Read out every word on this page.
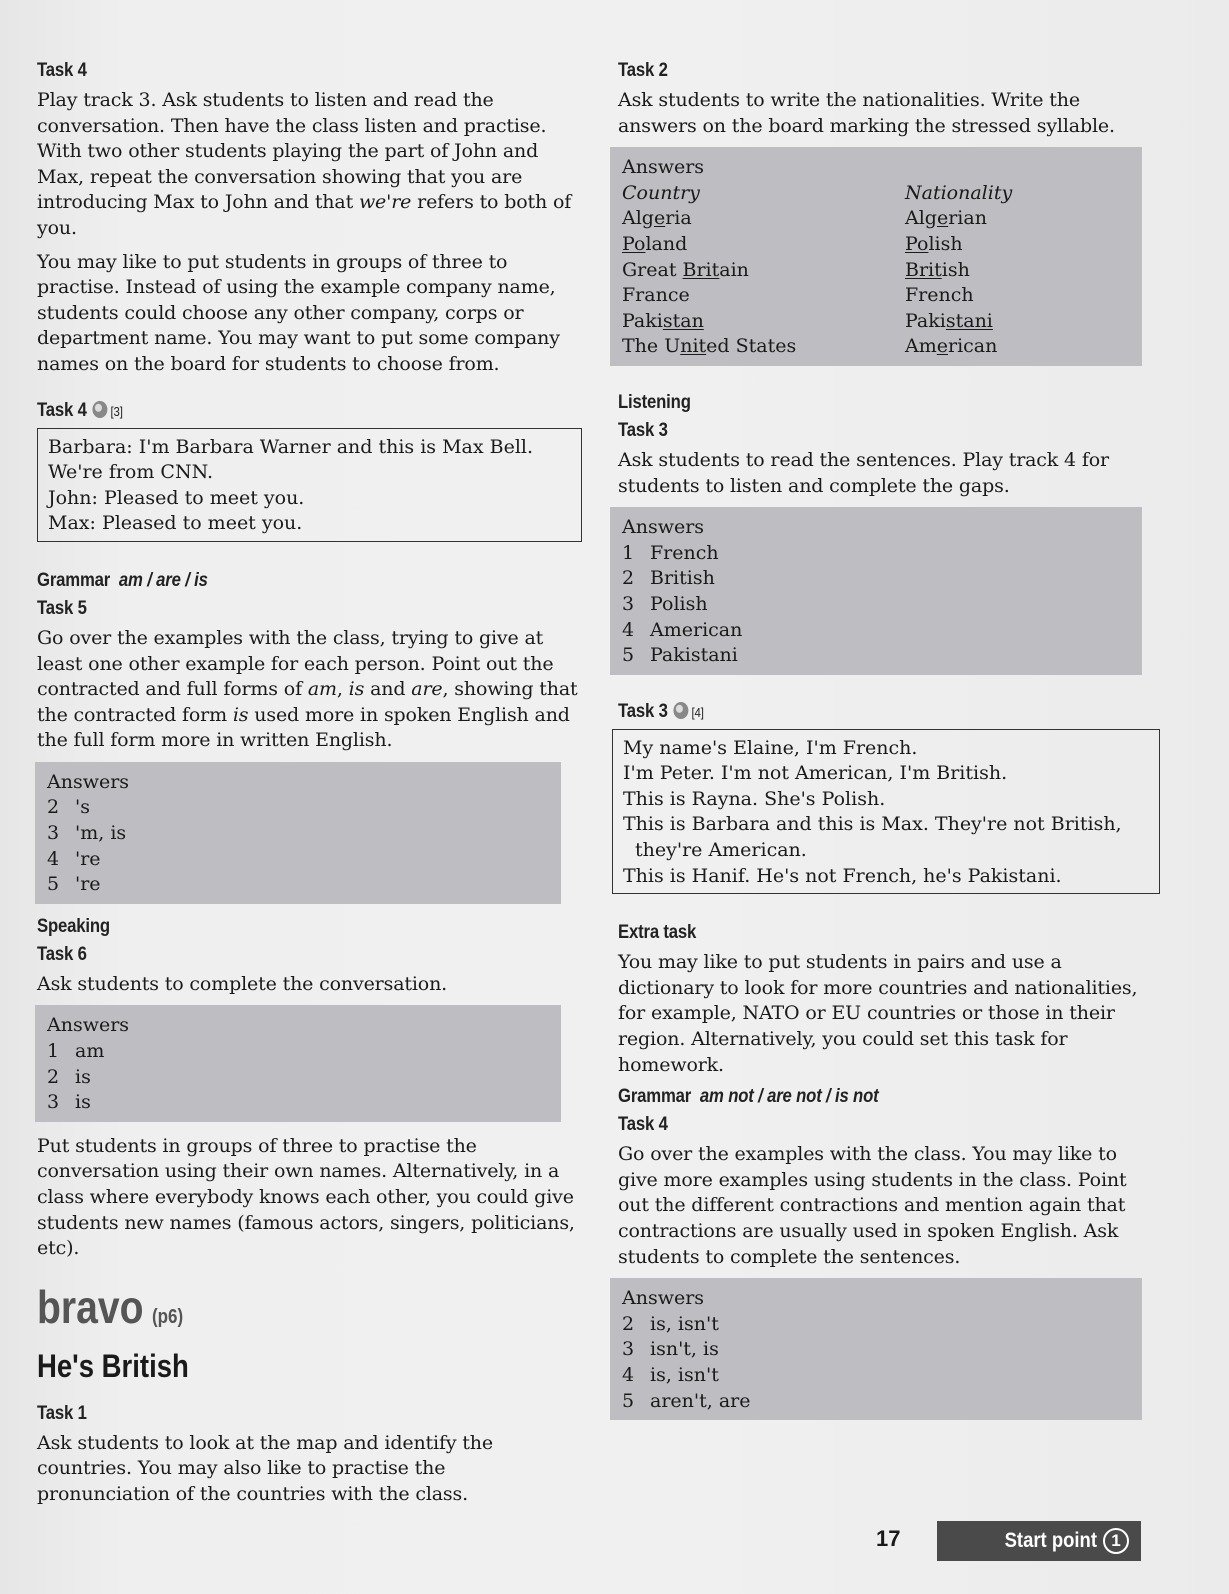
Task 4

Play track 3. Ask students to listen and read the conversation. Then have the class listen and practise. With two other students playing the part of John and Max, repeat the conversation showing that you are introducing Max to John and that we're refers to both of you.

You may like to put students in groups of three to practise. Instead of using the example company name, students could choose any other company, corps or department name. You may want to put some company names on the board for students to choose from.

Task 4 [3]
Barbara: I'm Barbara Warner and this is Max Bell. We're from CNN.
John: Pleased to meet you.
Max: Pleased to meet you.
Grammar am / are / is
Task 5

Go over the examples with the class, trying to give at least one other example for each person. Point out the contracted and full forms of am, is and are, showing that the contracted form is used more in spoken English and the full form more in written English.

Answers
2 's
3 'm, is
4 're
5 're
Speaking
Task 6

Ask students to complete the conversation.

Answers
1 am
2 is
3 is

Put students in groups of three to practise the conversation using their own names. Alternatively, in a class where everybody knows each other, you could give students new names (famous actors, singers, politicians, etc).

bravo (p6)
He's British
Task 1

Ask students to look at the map and identify the countries. You may also like to practise the pronunciation of the countries with the class.

Task 2

Ask students to write the nationalities. Write the answers on the board marking the stressed syllable.

Answers
Country	Nationality
Algeria	Algerian
Poland	Polish
Great Britain	British
France	French
Pakistan	Pakistani
The United States	American
Listening
Task 3

Ask students to read the sentences. Play track 4 for students to listen and complete the gaps.

Answers
1 French
2 British
3 Polish
4 American
5 Pakistani
Task 3 [4]
My name's Elaine, I'm French.
I'm Peter. I'm not American, I'm British.
This is Rayna. She's Polish.
This is Barbara and this is Max. They're not British,
they're American.
This is Hanif. He's not French, he's Pakistani.
Extra task

You may like to put students in pairs and use a dictionary to look for more countries and nationalities, for example, NATO or EU countries or those in their region. Alternatively, you could set this task for homework.

Grammar am not / are not / is not
Task 4

Go over the examples with the class. You may like to give more examples using students in the class. Point out the different contractions and mention again that contractions are usually used in spoken English. Ask students to complete the sentences.

Answers
2 is, isn't
3 isn't, is
4 is, isn't
5 aren't, are
17	Start point 1
